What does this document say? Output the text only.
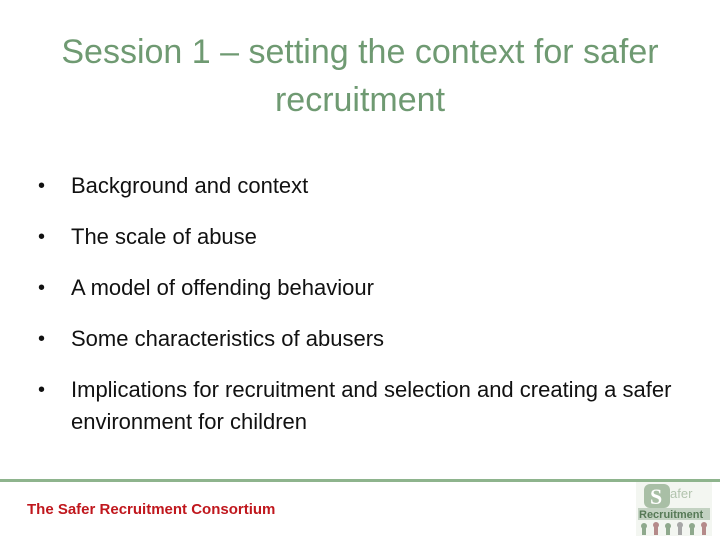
Session 1 – setting the context for safer recruitment
• Background and context
• The scale of abuse
• A model of offending behaviour
• Some characteristics of abusers
• Implications for recruitment and selection and creating a safer environment for children
The Safer Recruitment Consortium
S afer
Recruitment
